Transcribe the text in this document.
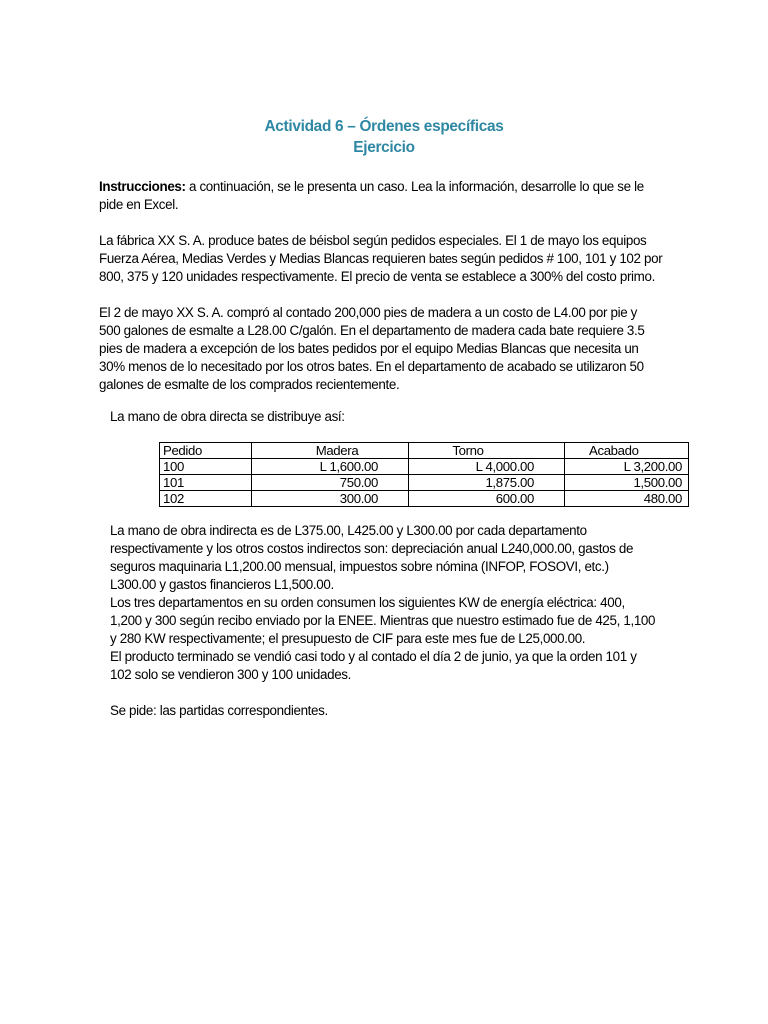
Actividad 6 – Órdenes específicas
Ejercicio

Instrucciones: a continuación, se le presenta un caso. Lea la información, desarrolle lo que se le
pide en Excel.

La fábrica XX S. A. produce bates de béisbol según pedidos especiales. El 1 de mayo los equipos
Fuerza Aérea, Medias Verdes y Medias Blancas requieren bates según pedidos # 100, 101 y 102 por
800, 375 y 120 unidades respectivamente. El precio de venta se establece a 300% del costo primo.

El 2 de mayo XX S. A. compró al contado 200,000 pies de madera a un costo de L4.00 por pie y
500 galones de esmalte a L28.00 C/galón. En el departamento de madera cada bate requiere 3.5
pies de madera a excepción de los bates pedidos por el equipo Medias Blancas que necesita un
30% menos de lo necesitado por los otros bates. En el departamento de acabado se utilizaron 50
galones de esmalte de los comprados recientemente.

La mano de obra directa se distribuye así:

Pedido	Madera	Torno	Acabado
100	L 1,600.00	L 4,000.00	L 3,200.00
101	750.00	1,875.00	1,500.00
102	300.00	600.00	480.00

La mano de obra indirecta es de L375.00, L425.00 y L300.00 por cada departamento
respectivamente y los otros costos indirectos son: depreciación anual L240,000.00, gastos de
seguros maquinaria L1,200.00 mensual, impuestos sobre nómina (INFOP, FOSOVI, etc.)
L300.00 y gastos financieros L1,500.00.
Los tres departamentos en su orden consumen los siguientes KW de energía eléctrica: 400,
1,200 y 300 según recibo enviado por la ENEE. Mientras que nuestro estimado fue de 425, 1,100
y 280 KW respectivamente; el presupuesto de CIF para este mes fue de L25,000.00.
El producto terminado se vendió casi todo y al contado el día 2 de junio, ya que la orden 101 y
102 solo se vendieron 300 y 100 unidades.

Se pide: las partidas correspondientes.
